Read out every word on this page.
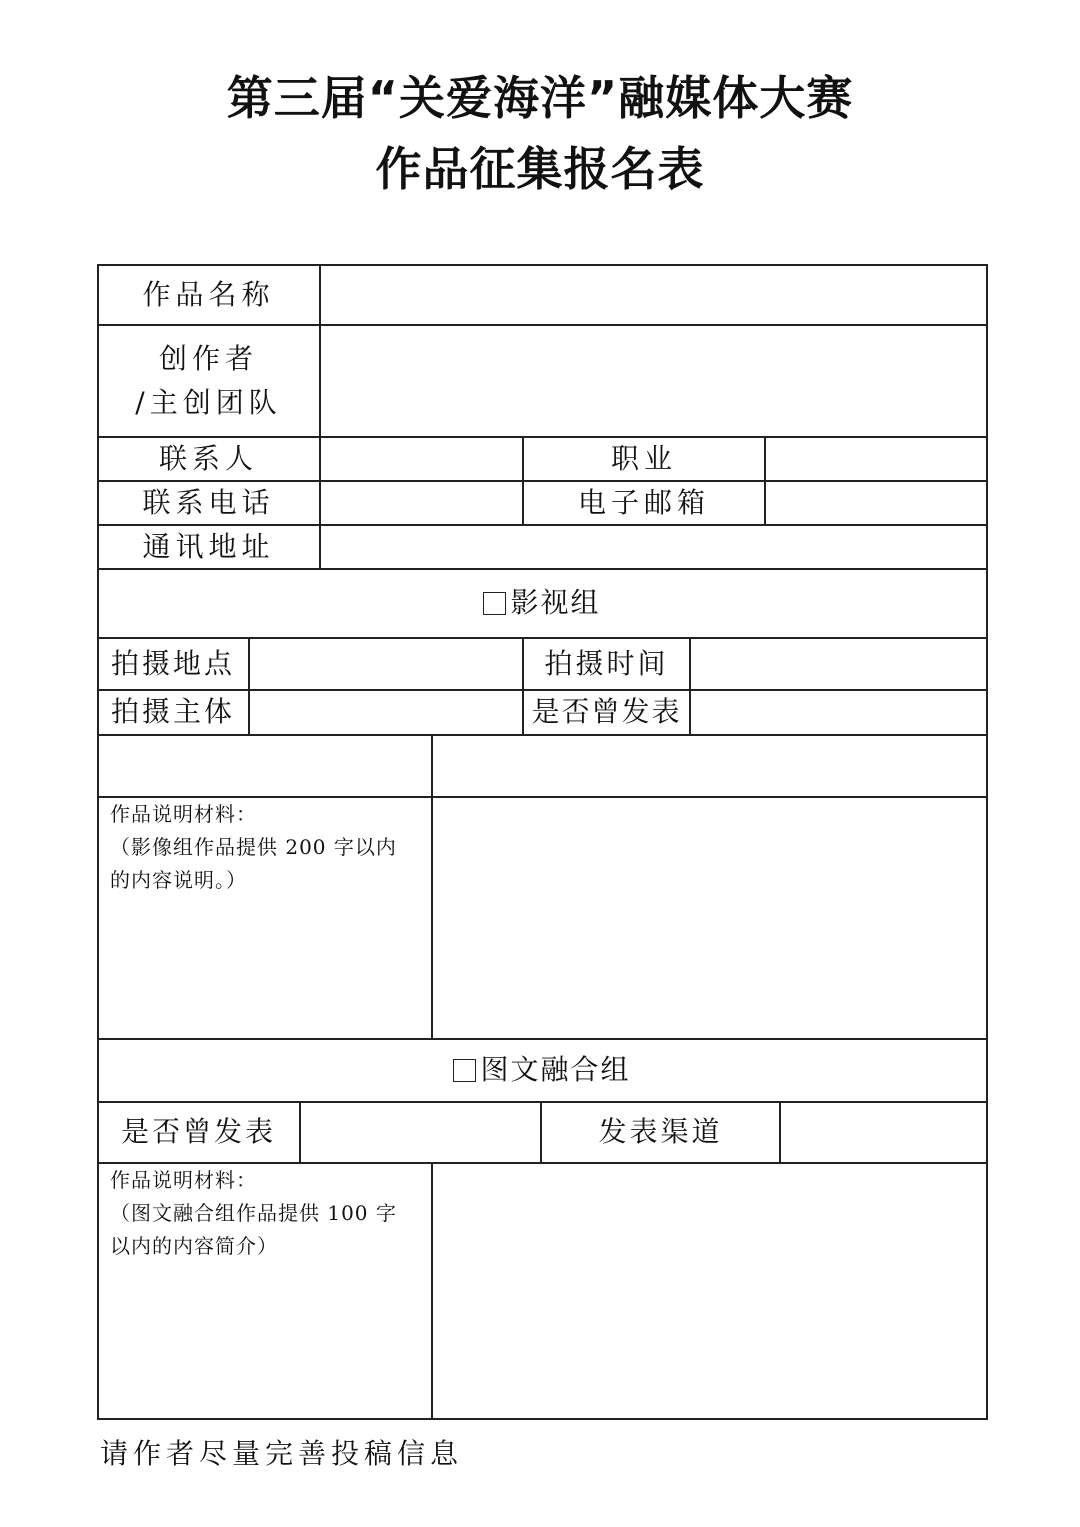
第三届“关爱海洋”融媒体大赛
作品征集报名表
作品名称
创作者
/主创团队
联系人	职业
联系电话	电子邮箱
通讯地址
影视组
拍摄地点	拍摄时间
拍摄主体	是否曾发表
作品说明材料：
（影像组作品提供 200 字以内
的内容说明。）
图文融合组
是否曾发表	发表渠道
作品说明材料：
（图文融合组作品提供 100 字
以内的内容简介）
请作者尽量完善投稿信息
